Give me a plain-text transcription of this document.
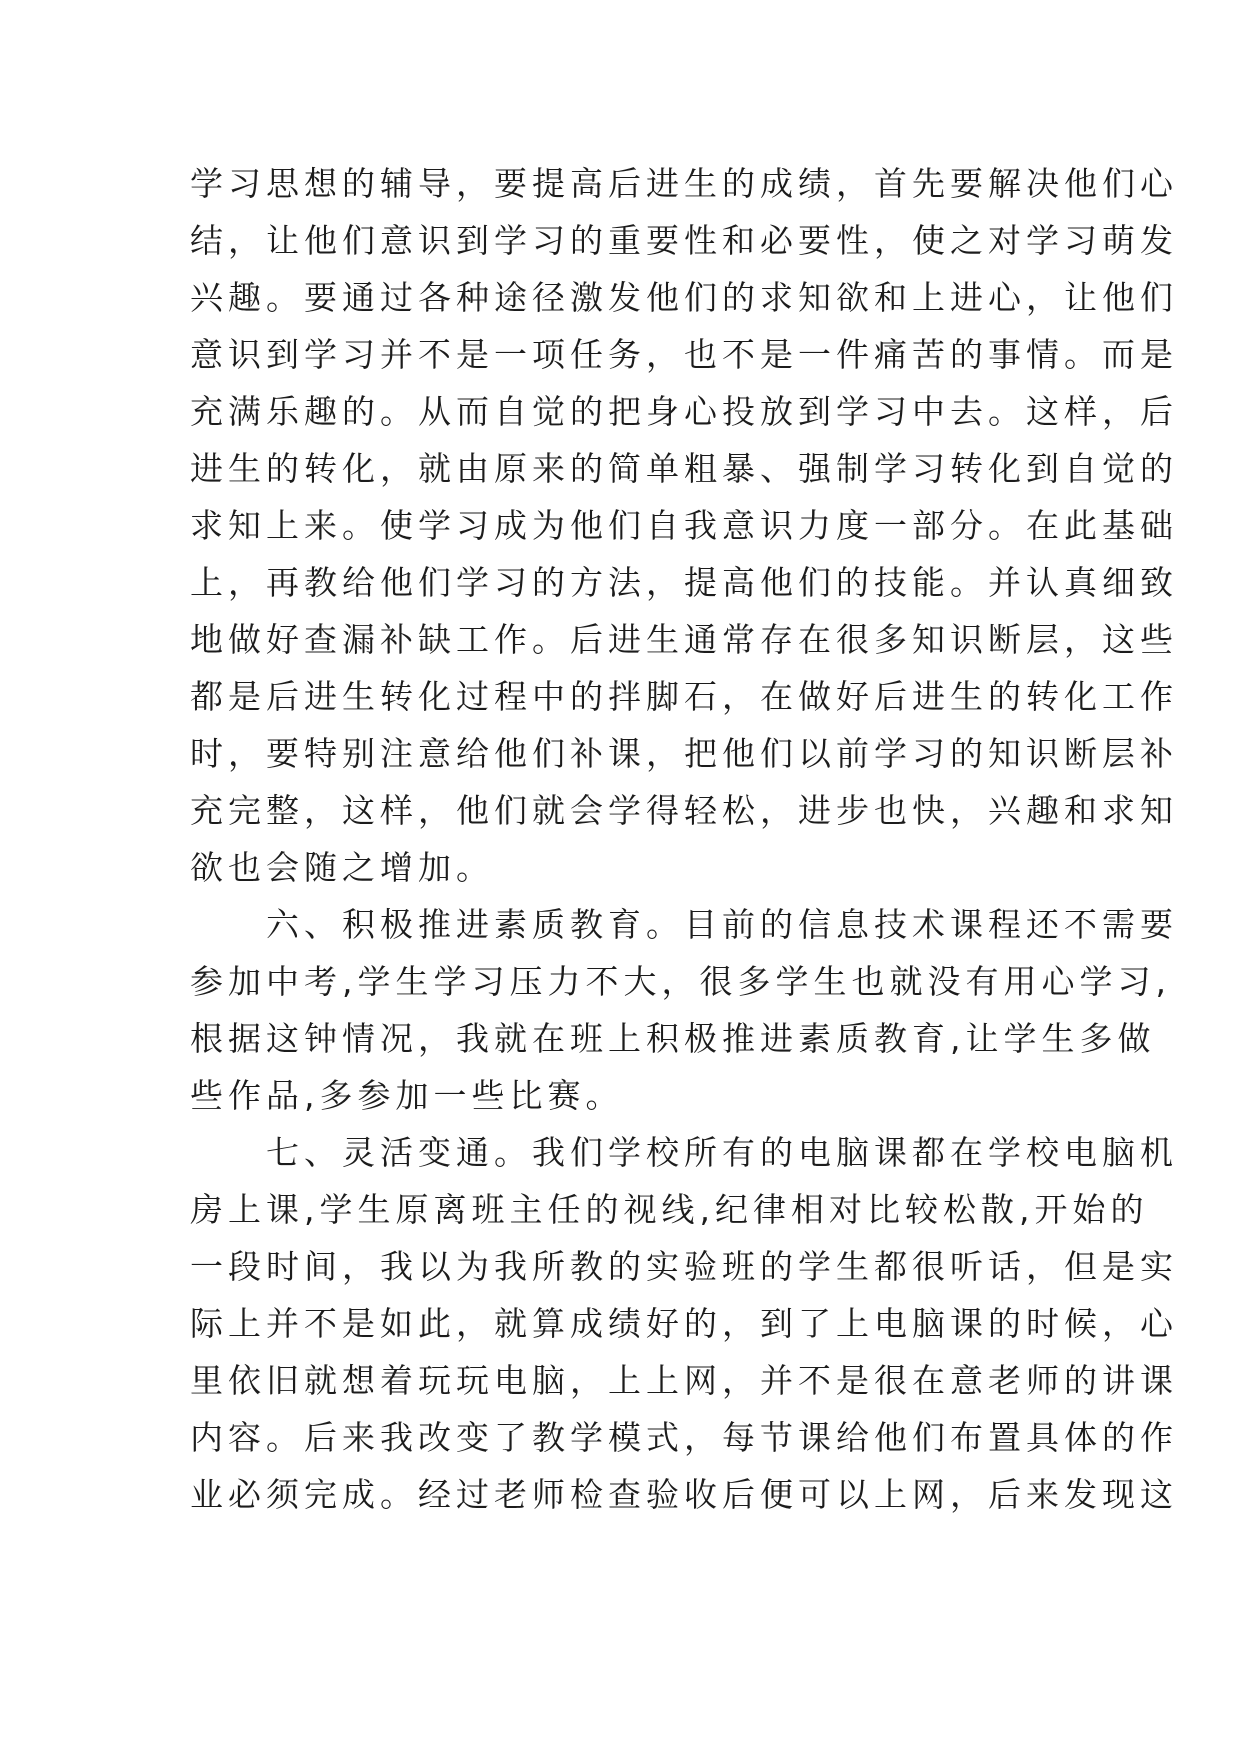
学习思想的辅导，要提高后进生的成绩，首先要解决他们心
结，让他们意识到学习的重要性和必要性，使之对学习萌发
兴趣。要通过各种途径激发他们的求知欲和上进心，让他们
意识到学习并不是一项任务，也不是一件痛苦的事情。而是
充满乐趣的。从而自觉的把身心投放到学习中去。这样，后
进生的转化，就由原来的简单粗暴、强制学习转化到自觉的
求知上来。使学习成为他们自我意识力度一部分。在此基础
上，再教给他们学习的方法，提高他们的技能。并认真细致
地做好查漏补缺工作。后进生通常存在很多知识断层，这些
都是后进生转化过程中的拌脚石，在做好后进生的转化工作
时，要特别注意给他们补课，把他们以前学习的知识断层补
充完整，这样，他们就会学得轻松，进步也快，兴趣和求知
欲也会随之增加。
六、积极推进素质教育。目前的信息技术课程还不需要
参加中考,学生学习压力不大，很多学生也就没有用心学习,
根据这钟情况，我就在班上积极推进素质教育,让学生多做
些作品,多参加一些比赛。
七、灵活变通。我们学校所有的电脑课都在学校电脑机
房上课,学生原离班主任的视线,纪律相对比较松散,开始的
一段时间，我以为我所教的实验班的学生都很听话，但是实
际上并不是如此，就算成绩好的，到了上电脑课的时候，心
里依旧就想着玩玩电脑，上上网，并不是很在意老师的讲课
内容。后来我改变了教学模式，每节课给他们布置具体的作
业必须完成。经过老师检查验收后便可以上网，后来发现这
